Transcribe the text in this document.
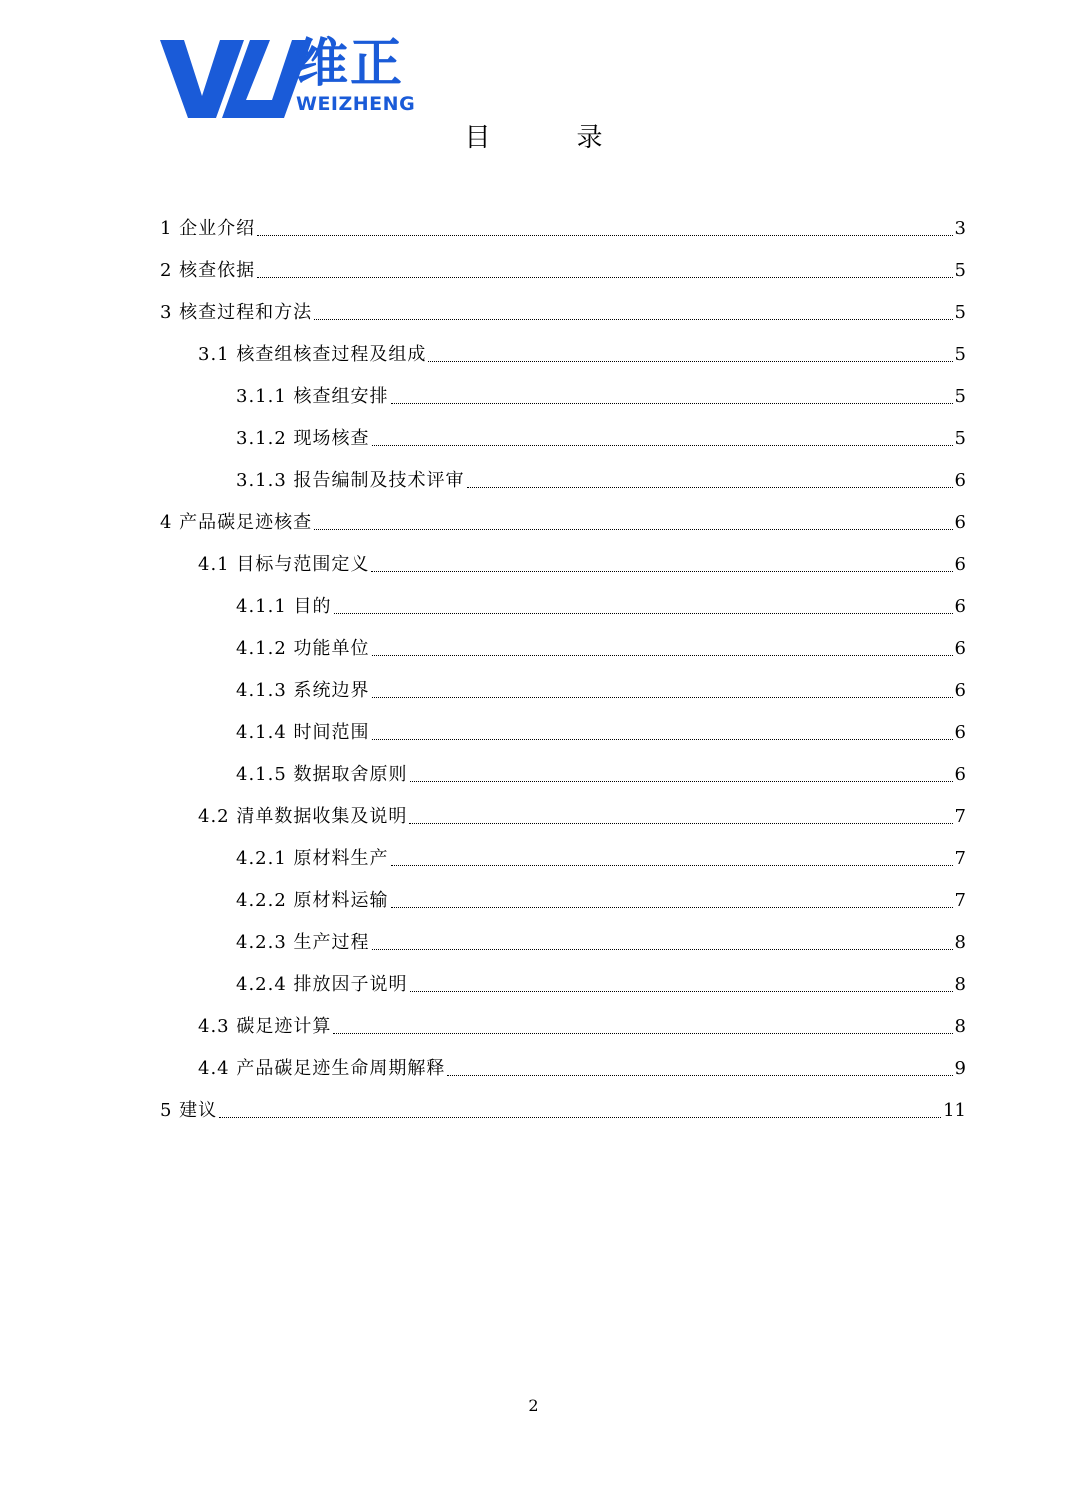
维正
WEIZHENG
目　录
1 企业介绍	3
2 核查依据	5
3 核查过程和方法	5
3.1 核查组核查过程及组成	5
3.1.1 核查组安排	5
3.1.2 现场核查	5
3.1.3 报告编制及技术评审	6
4 产品碳足迹核查	6
4.1 目标与范围定义	6
4.1.1 目的	6
4.1.2 功能单位	6
4.1.3 系统边界	6
4.1.4 时间范围	6
4.1.5 数据取舍原则	6
4.2 清单数据收集及说明	7
4.2.1 原材料生产	7
4.2.2 原材料运输	7
4.2.3 生产过程	8
4.2.4 排放因子说明	8
4.3 碳足迹计算	8
4.4 产品碳足迹生命周期解释	9
5 建议	11
2
